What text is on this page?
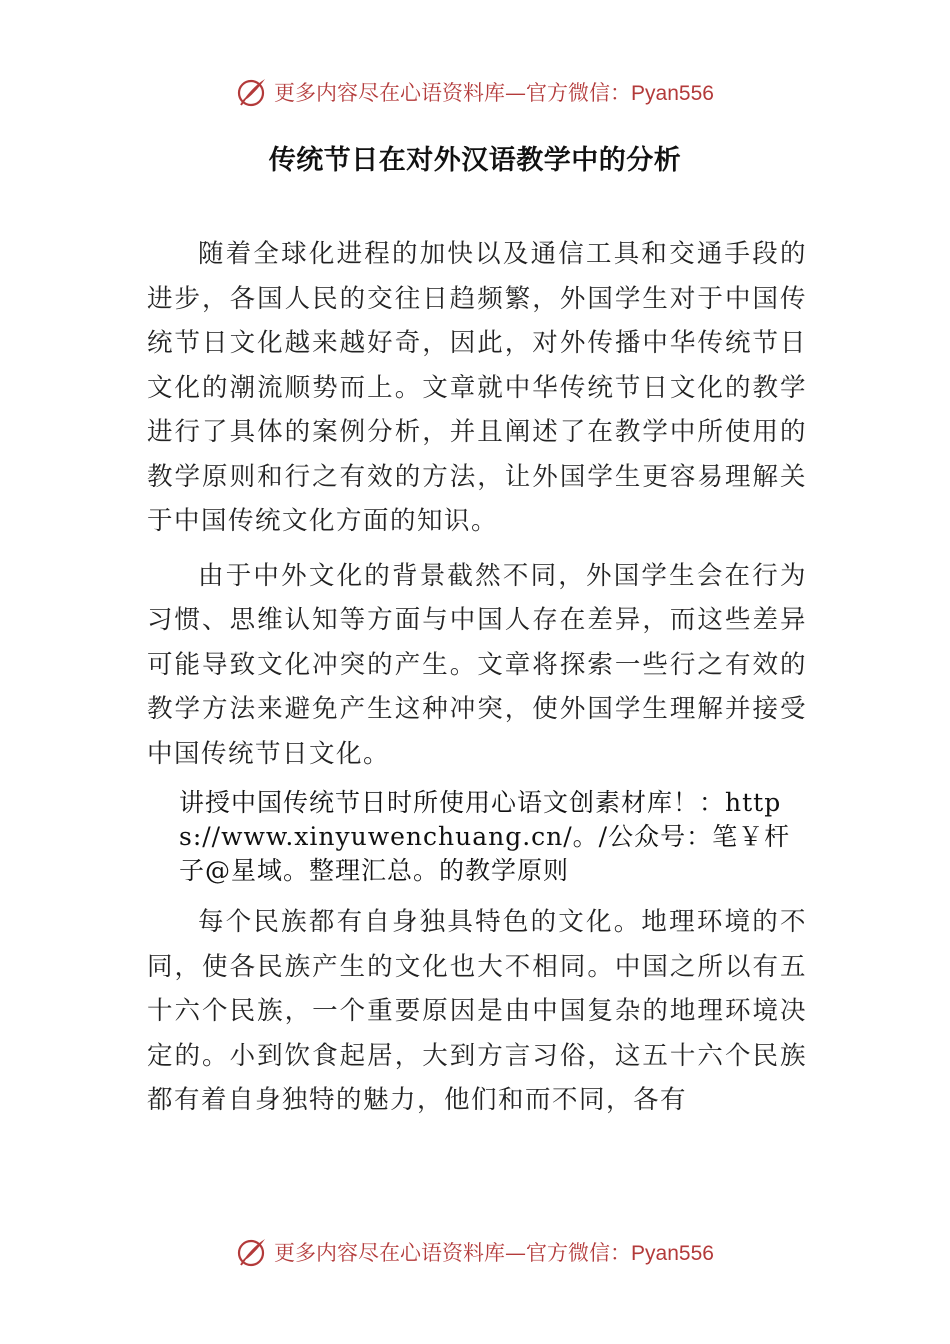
更多内容尽在心语资料库—官方微信：Pyan556
传统节日在对外汉语教学中的分析

随着全球化进程的加快以及通信工具和交通手段的进步，各国人民的交往日趋频繁，外国学生对于中国传统节日文化越来越好奇，因此，对外传播中华传统节日文化的潮流顺势而上。文章就中华传统节日文化的教学进行了具体的案例分析，并且阐述了在教学中所使用的教学原则和行之有效的方法，让外国学生更容易理解关于中国传统文化方面的知识。

由于中外文化的背景截然不同，外国学生会在行为习惯、思维认知等方面与中国人存在差异，而这些差异可能导致文化冲突的产生。文章将探索一些行之有效的教学方法来避免产生这种冲突，使外国学生理解并接受中国传统节日文化。

讲授中国传统节日时所使用心语文创素材库！：https://www.xinyuwenchuang.cn/。/公众号：笔￥杆子@星域。整理汇总。的教学原则

每个民族都有自身独具特色的文化。地理环境的不同，使各民族产生的文化也大不相同。中国之所以有五十六个民族，一个重要原因是由中国复杂的地理环境决定的。小到饮食起居，大到方言习俗，这五十六个民族都有着自身独特的魅力，他们和而不同，各有

更多内容尽在心语资料库—官方微信：Pyan556
